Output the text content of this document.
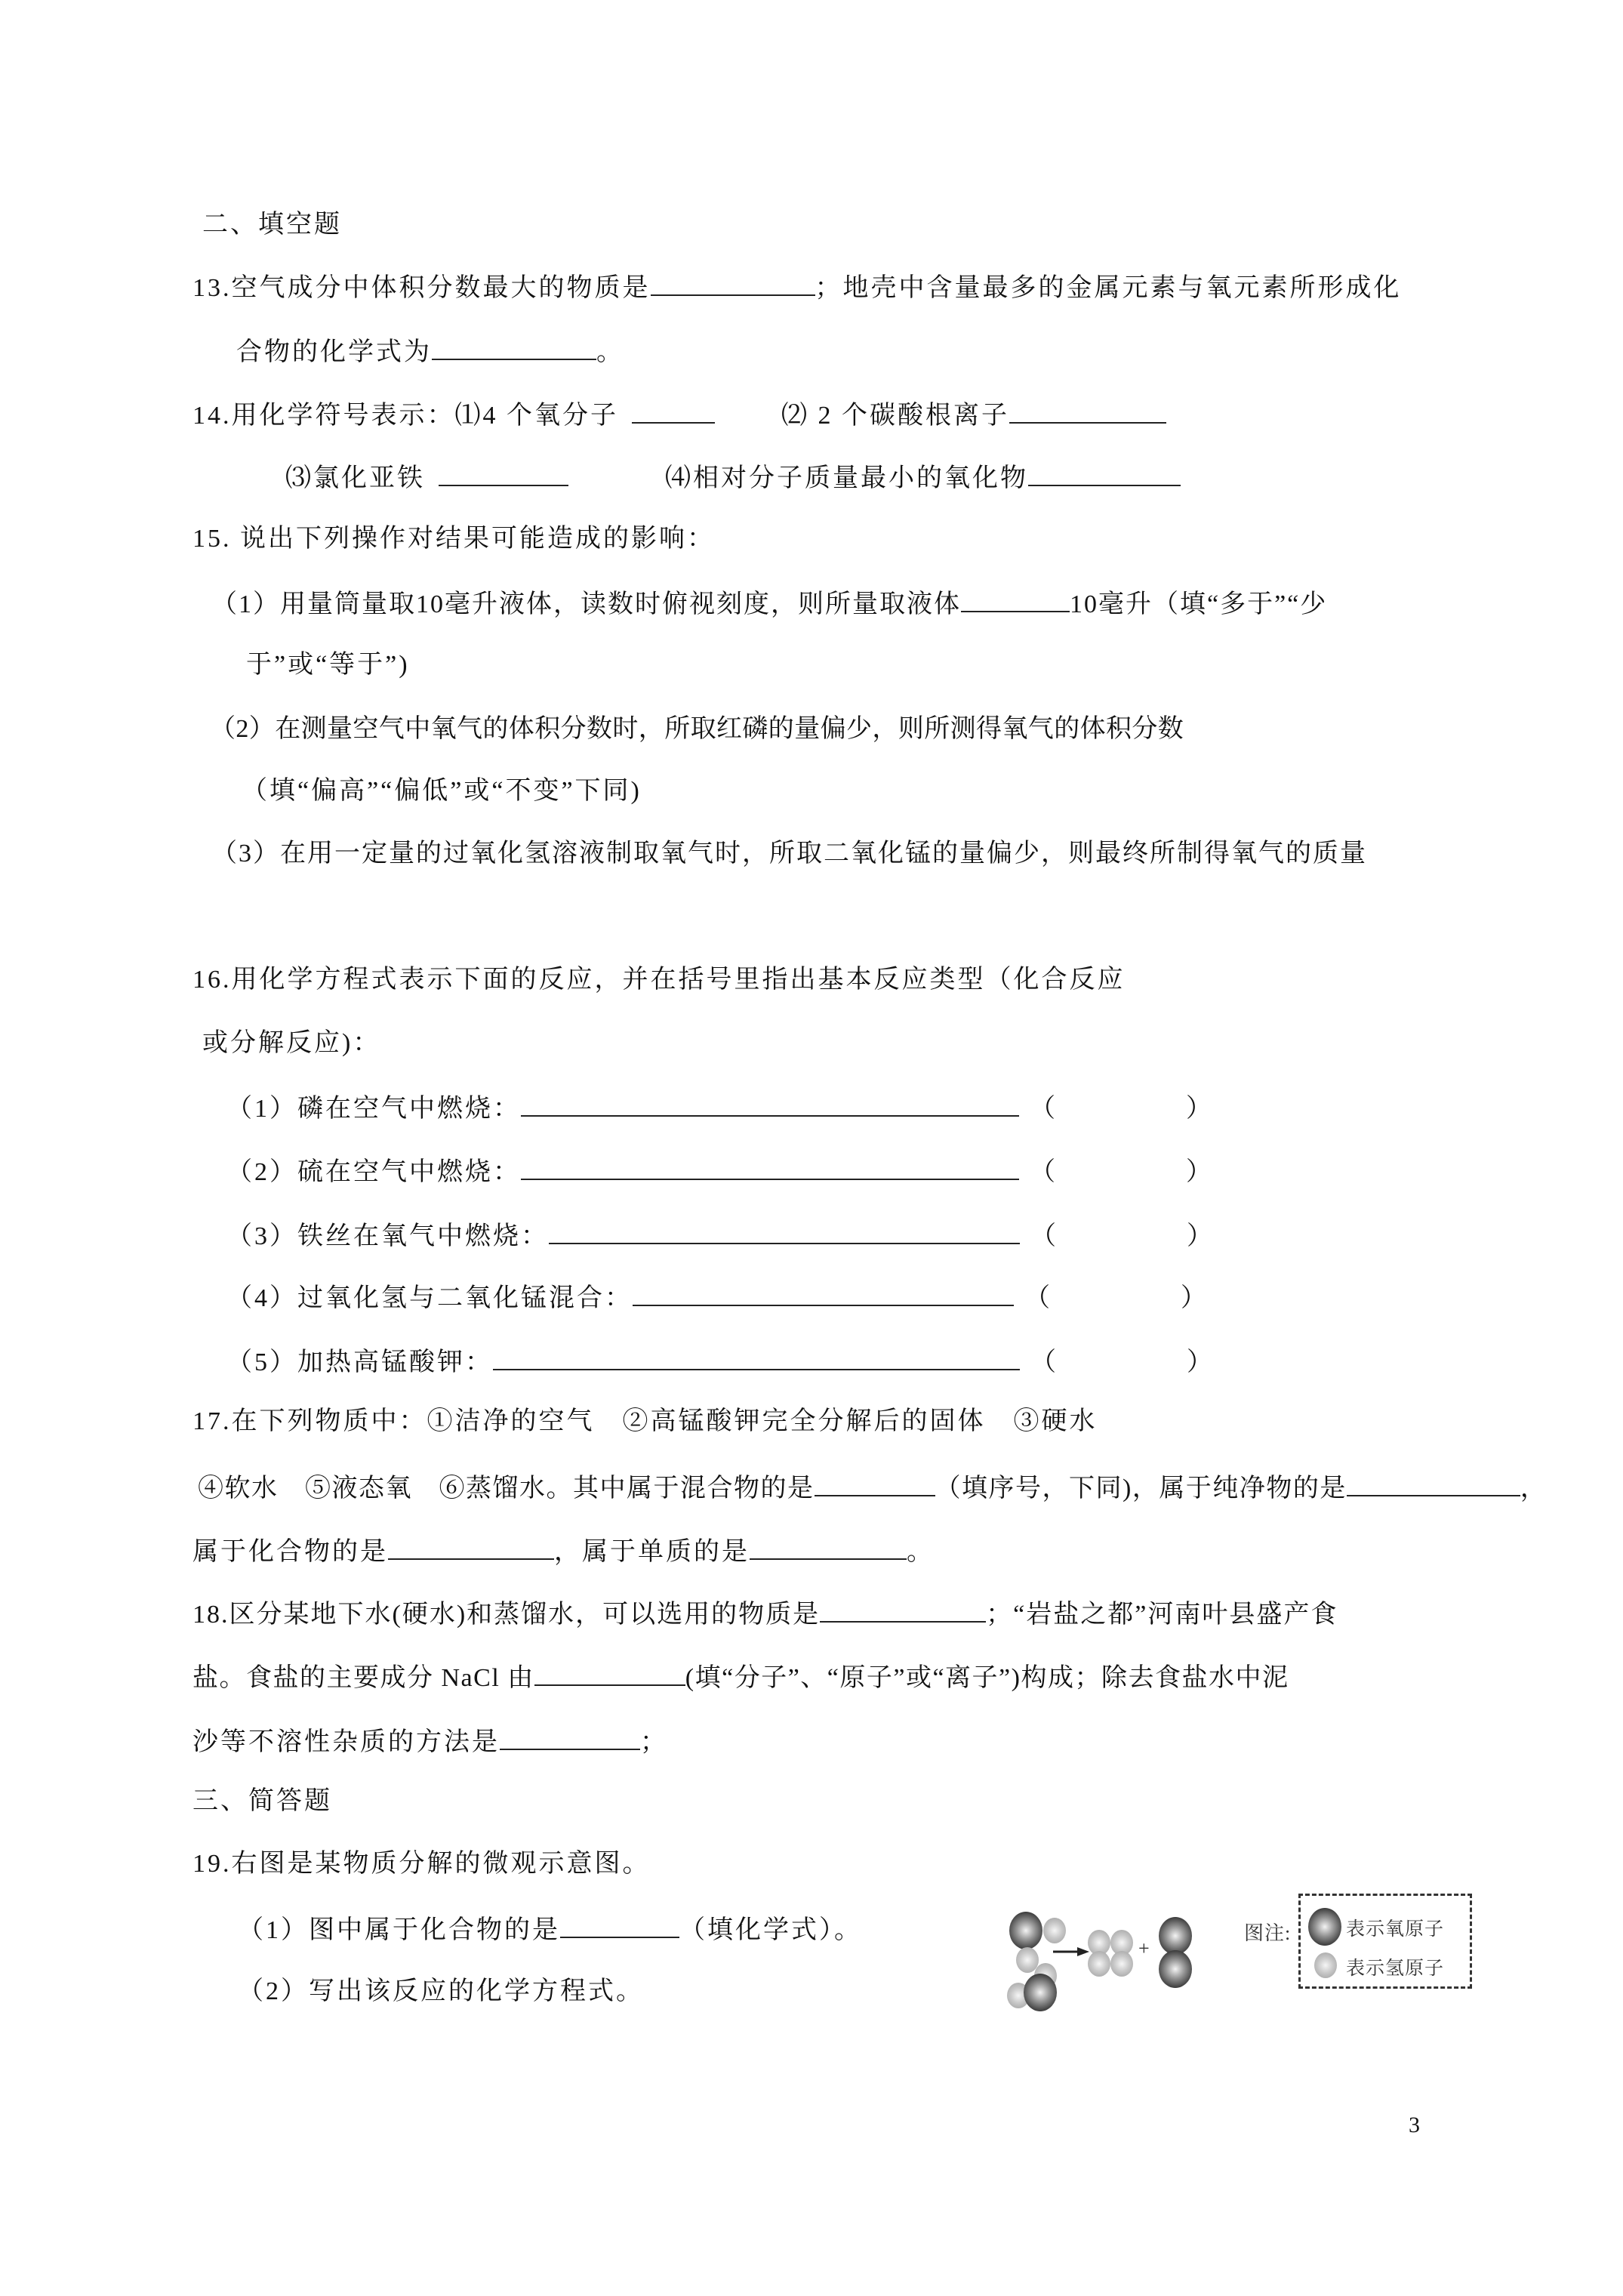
二、填空题
13.空气成分中体积分数最大的物质是	；地壳中含量最多的金属元素与氧元素所形成化
合物的化学式为	。
14.用化学符号表示：⑴4 个氧分子	⑵ 2 个碳酸根离子
⑶氯化亚铁	⑷相对分子质量最小的氧化物
15. 说出下列操作对结果可能造成的影响：
（1）用量筒量取10毫升液体，读数时俯视刻度，则所量取液体	10毫升（填“多于”“少
于”或“等于”)
（2）在测量空气中氧气的体积分数时，所取红磷的量偏少，则所测得氧气的体积分数
（填“偏高”“偏低”或“不变”下同)
（3）在用一定量的过氧化氢溶液制取氧气时，所取二氧化锰的量偏少，则最终所制得氧气的质量
16.用化学方程式表示下面的反应，并在括号里指出基本反应类型（化合反应
或分解反应)：
（1）磷在空气中燃烧：	（	）
（2）硫在空气中燃烧：	（	）
（3）铁丝在氧气中燃烧：	（	）
（4）过氧化氢与二氧化锰混合：	（	）
（5）加热高锰酸钾：	（	）
17.在下列物质中：①洁净的空气　②高锰酸钾完全分解后的固体　③硬水
④软水　⑤液态氧　⑥蒸馏水。其中属于混合物的是	（填序号，下同)，属于纯净物的是	，
属于化合物的是	，属于单质的是	。
18.区分某地下水(硬水)和蒸馏水，可以选用的物质是	；“岩盐之都”河南叶县盛产食
盐。食盐的主要成分 NaCl 由	(填“分子”、“原子”或“离子”)构成；除去食盐水中泥
沙等不溶性杂质的方法是	；
三、简答题
19.右图是某物质分解的微观示意图。
（1）图中属于化合物的是	（填化学式）。
（2）写出该反应的化学方程式。
+
图注:	表示氧原子
表示氢原子
3
